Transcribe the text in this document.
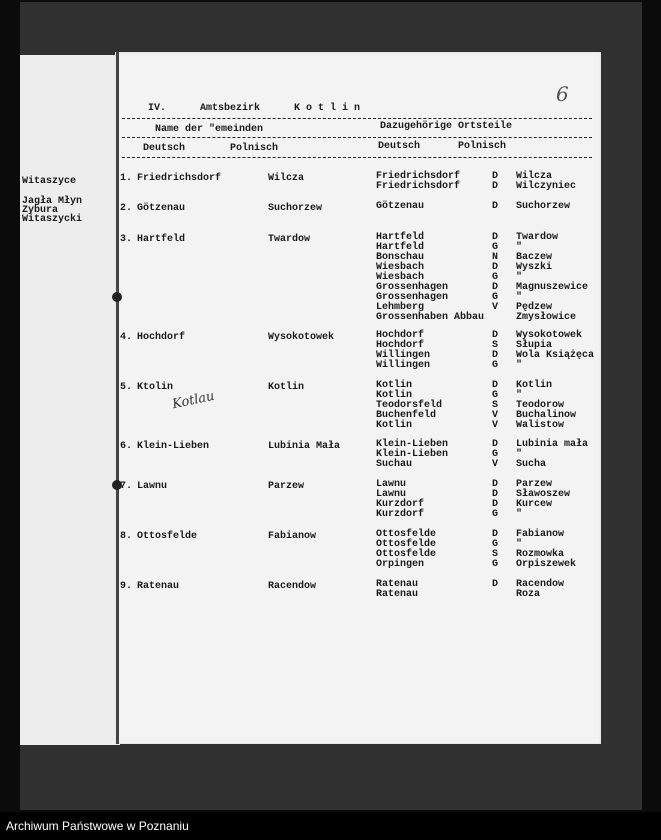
IV.	Amtsbezirk	Kotlin
6
Name der "emeinden	Dazugehörige Ortsteile
Deutsch	Polnisch	Deutsch	Polnisch
Witaszyce
Jagła Młyn
Zybura
Witaszycki
Kotlau
1. Friedrichsdorf	Wilcza	Friedrichsdorf	D Wilcza
Friedrichsdorf	D Wilczyniec
2. Götzenau	Suchorzew	Götzenau	D Suchorzew
3. Hartfeld	Twardow	Hartfeld	D Twardow
Hartfeld	G "
Bonschau	N Baczew
Wiesbach	D Wyszki
Wiesbach	G "
Grossenhagen	D Magnuszewice
Grossenhagen	G "
Lehmberg	V Pędzew
Grossenhaben Abbau	Zmysłowice
4. Hochdorf	Wysokotowek	Hochdorf	D Wysokotowek
Hochdorf	S Słupia
Willingen	D Wola Książęca
Willingen	G "
5. Ktolin	Kotlin	Kotlin	D Kotlin
Kotlin	G "
Teodorsfeld	S Teodorow
Buchenfeld	V Buchalinow
Kotlin	V Walistow
6. Klein-Lieben	Lubinia Mała	Klein-Lieben	D Lubinia mała
Klein-Lieben	G "
Suchau	V Sucha
7. Lawnu	Parzew	Lawnu	D Parzew
Lawnu	D Sławoszew
Kurzdorf	D Kurcew
Kurzdorf	G "
8. Ottosfelde	Fabianow	Ottosfelde	D Fabianow
Ottosfelde	G "
Ottosfelde	S Rozmowka
Orpingen	G Orpiszewek
9. Ratenau	Racendow	Ratenau	D Racendow
Ratenau	Roza
Archiwum Państwowe w Poznaniu
